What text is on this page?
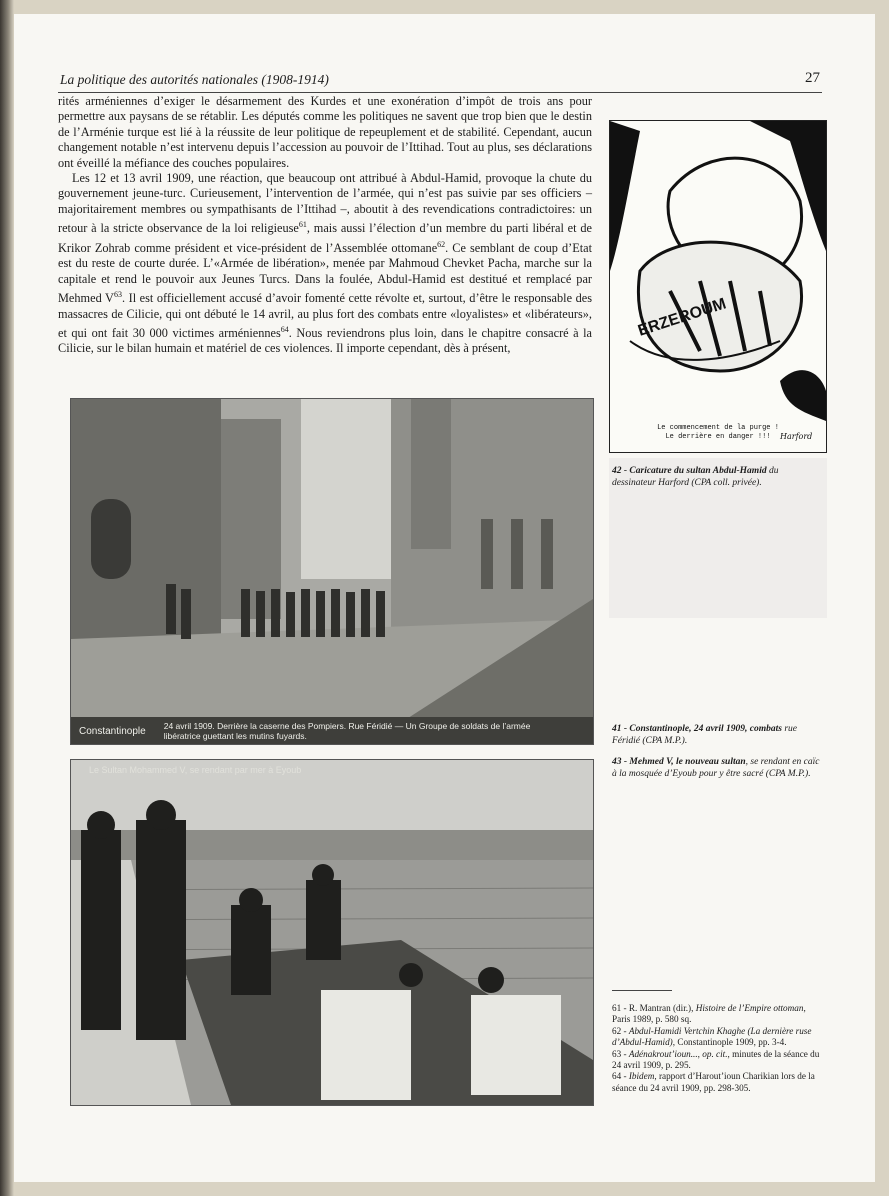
La politique des autorités nationales (1908-1914)	27

rités arméniennes d’exiger le désarmement des Kurdes et une exonération d’impôt de trois ans pour permettre aux paysans de se rétablir. Les députés comme les politiques ne savent que trop bien que le destin de l’Arménie turque est lié à la réussite de leur politique de repeuplement et de stabilité. Cependant, aucun changement notable n’est intervenu depuis l’accession au pouvoir de l’Ittihad. Tout au plus, ses déclarations ont éveillé la méfiance des couches populaires.

Les 12 et 13 avril 1909, une réaction, que beaucoup ont attribué à Abdul-Hamid, provoque la chute du gouvernement jeune-turc. Curieusement, l’intervention de l’armée, qui n’est pas suivie par ses officiers – majoritairement membres ou sympathisants de l’Ittihad –, aboutit à des revendications contradictoires: un retour à la stricte observance de la loi religieuse$^{61}$, mais aussi l’élection d’un membre du parti libéral et de Krikor Zohrab comme président et vice-président de l’Assemblée ottomane$^{62}$. Ce semblant de coup d’Etat est du reste de courte durée. L’«Armée de libération», menée par Mahmoud Chevket Pacha, marche sur la capitale et rend le pouvoir aux Jeunes Turcs. Dans la foulée, Abdul-Hamid est destitué et remplacé par Mehmed $V^{63}$. Il est officiellement accusé d’avoir fomenté cette révolte et, surtout, d’être le responsable des massacres de Cilicie, qui ont débuté le 14 avril, au plus fort des combats entre «loyalistes» et «libérateurs», et qui ont fait 30 000 victimes arméniennes$^{64}$. Nous reviendrons plus loin, dans le chapitre consacré à la Cilicie, sur le bilan humain et matériel de ces violences. Il importe cependant, dès à présent,

Constantinople 24 avril 1909. Derrière la caserne des Pompiers. Rue Féridié — Un Groupe de soldats de l’armée libératrice guettant les mutins fuyards.
Le Sultan Mohammed V, se rendant par mer à Eyoub
ERZEROUM
Harford
Le commencement de la purge !
Le derrière en danger !!!
42 - Caricature du sultan Abdul-Hamid du dessinateur Harford (CPA coll. privée).
41 - Constantinople, 24 avril 1909, combats rue Féridié (CPA M.P.).
43 - Mehmed V, le nouveau sultan, se rendant en caïc à la mosquée d’Eyoub pour y être sacré (CPA M.P.).
61 - R. Mantran (dir.), Histoire de l’Empire ottoman, Paris 1989, p. 580 sq.
62 - Abdul-Hamidi Vertchin Khaghe (La dernière ruse d’Abdul-Hamid), Constantinople 1909, pp. 3-4.
63 - Adénakrout’ioun..., op. cit., minutes de la séance du 24 avril 1909, p. 295.
64 - Ibidem, rapport d’Harout’ioun Charikian lors de la séance du 24 avril 1909, pp. 298-305.
